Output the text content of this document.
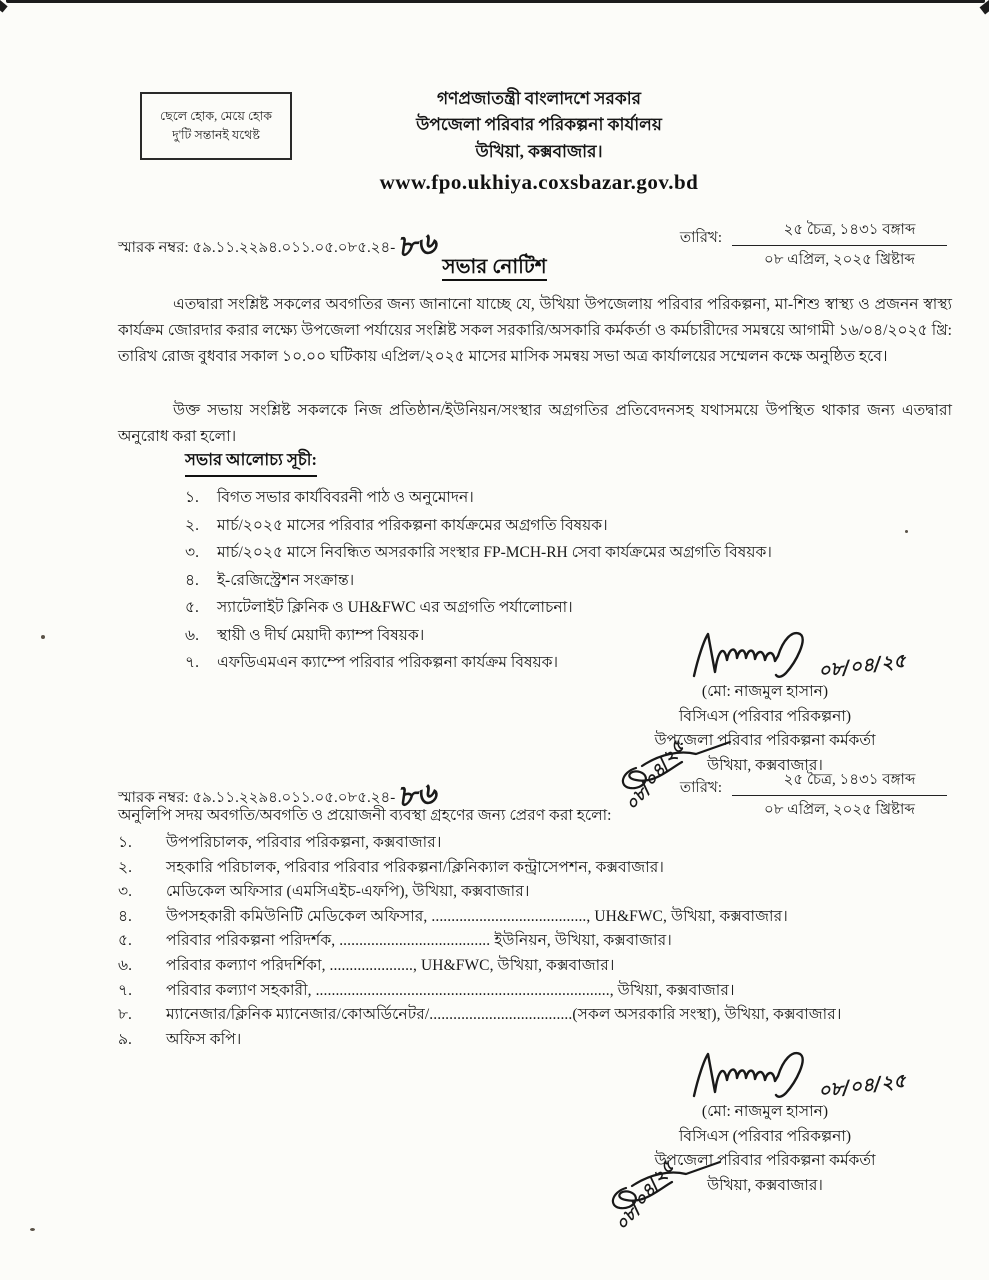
ছেলে হোক, মেয়ে হোক
দু'টি সন্তানই যথেষ্ট
গণপ্রজাতন্ত্রী বাংলাদশে সরকার
উপজেলা পরিবার পরিকল্পনা কার্যালয়
উখিয়া, কক্সবাজার।
www.fpo.ukhiya.coxsbazar.gov.bd
স্মারক নম্বর: ৫৯.১১.২২৯৪.০১১.০৫.০৮৫.২৪-৮৬	তারিখ:	২৫ চৈত্র, ১৪৩১ বঙ্গাব্দ
০৮ এপ্রিল, ২০২৫ খ্রিষ্টাব্দ
সভার নোটিশ
এতদ্বারা সংশ্লিষ্ট সকলের অবগতির জন্য জানানো যাচ্ছে যে, উখিয়া উপজেলায় পরিবার পরিকল্পনা, মা-শিশু স্বাস্থ্য ও প্রজনন স্বাস্থ্য কার্যক্রম জোরদার করার লক্ষ্যে উপজেলা পর্যায়ের সংশ্লিষ্ট সকল সরকারি/অসকারি কর্মকর্তা ও কর্মচারীদের সমন্বয়ে আগামী ১৬/০৪/২০২৫ খ্রি: তারিখ রোজ বুধবার সকাল ১০.০০ ঘটিকায় এপ্রিল/২০২৫ মাসের মাসিক সমন্বয় সভা অত্র কার্যালয়ের সম্মেলন কক্ষে অনুষ্ঠিত হবে।
উক্ত সভায় সংশ্লিষ্ট সকলকে নিজ প্রতিষ্ঠান/ইউনিয়ন/সংস্থার অগ্রগতির প্রতিবেদনসহ যথাসময়ে উপস্থিত থাকার জন্য এতদ্বারা অনুরোধ করা হলো।
সভার আলোচ্য সূচী:
১.	বিগত সভার কার্যবিবরনী পাঠ ও অনুমোদন।
২.	মার্চ/২০২৫ মাসের পরিবার পরিকল্পনা কার্যক্রমের অগ্রগতি বিষয়ক।
৩.	মার্চ/২০২৫ মাসে নিবন্ধিত অসরকারি সংস্থার FP-MCH-RH সেবা কার্যক্রমের অগ্রগতি বিষয়ক।
৪.	ই-রেজিস্ট্রেশন সংক্রান্ত।
৫.	স্যাটেলাইট ক্লিনিক ও UH&FWC এর অগ্রগতি পর্যালোচনা।
৬.	স্থায়ী ও দীর্ঘ মেয়াদী ক্যাম্প বিষয়ক।
৭.	এফডিএমএন ক্যাম্পে পরিবার পরিকল্পনা কার্যক্রম বিষয়ক।	০৮/০৪/২৫
(মো: নাজমুল হাসান)
বিসিএস (পরিবার পরিকল্পনা)
উপজেলা পরিবার পরিকল্পনা কর্মকর্তা
উখিয়া, কক্সবাজার।
০৮/০৪/২৫
স্মারক নম্বর: ৫৯.১১.২২৯৪.০১১.০৫.০৮৫.২৪-৮৬	তারিখ:	২৫ চৈত্র, ১৪৩১ বঙ্গাব্দ
০৮ এপ্রিল, ২০২৫ খ্রিষ্টাব্দ
অনুলিপি সদয় অবগতি/অবগতি ও প্রয়োজনী ব্যবস্থা গ্রহণের জন্য প্রেরণ করা হলো:
১.	উপপরিচালক, পরিবার পরিকল্পনা, কক্সবাজার।
২.	সহকারি পরিচালক, পরিবার পরিবার পরিকল্পনা/ক্লিনিক্যাল কন্ট্রাসেপশন, কক্সবাজার।
৩.	মেডিকেল অফিসার (এমসিএইচ-এফপি), উখিয়া, কক্সবাজার।
৪.	উপসহকারী কমিউনিটি মেডিকেল অফিসার, ......................................., UH&FWC, উখিয়া, কক্সবাজার।
৫.	পরিবার পরিকল্পনা পরিদর্শক, ...................................... ইউনিয়ন, উখিয়া, কক্সবাজার।
৬.	পরিবার কল্যাণ পরিদর্শিকা, ....................., UH&FWC, উখিয়া, কক্সবাজার।
৭.	পরিবার কল্যাণ সহকারী, .........................................................................., উখিয়া, কক্সবাজার।
৮.	ম্যানেজার/ক্লিনিক ম্যানেজার/কোঅর্ডিনেটর/....................................(সকল অসরকারি সংস্থা), উখিয়া, কক্সবাজার।
৯.	অফিস কপি।
০৮/০৪/২৫
(মো: নাজমুল হাসান)
বিসিএস (পরিবার পরিকল্পনা)
উপজেলা পরিবার পরিকল্পনা কর্মকর্তা
উখিয়া, কক্সবাজার।
০৮/০৪/২৫
